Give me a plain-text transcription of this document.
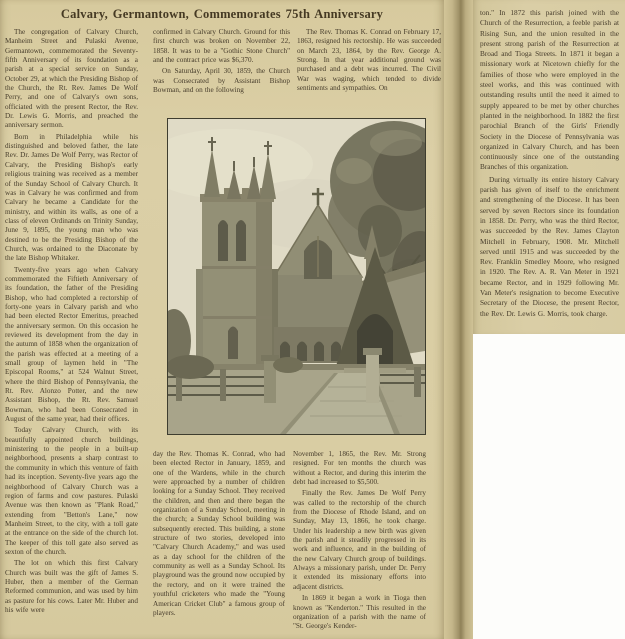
Calvary, Germantown, Commemorates 75th Anniversary

The congregation of Calvary Church, Manheim Street and Pulaski Avenue, Germantown, commemorated the Seventy-fifth Anniversary of its foundation as a parish at a special service on Sunday, October 29, at which the Presiding Bishop of the Church, the Rt. Rev. James De Wolf Perry, and one of Calvary's own sons, officiated with the present Rector, the Rev. Dr. Lewis G. Morris, and preached the anniversary sermon.

Born in Philadelphia while his distinguished and beloved father, the late Rev. Dr. James De Wolf Perry, was Rector of Calvary, the Presiding Bishop's early religious training was received as a member of the Sunday School of Calvary Church. It was in Calvary he was confirmed and from Calvary he became a Candidate for the ministry, and within its walls, as one of a class of eleven Ordinands on Trinity Sunday, June 9, 1895, the young man who was destined to be the Presiding Bishop of the Church, was ordained to the Diaconate by the late Bishop Whitaker.

Twenty-five years ago when Calvary commemorated the Fiftieth Anniversary of its foundation, the father of the Presiding Bishop, who had completed a rectorship of forty-one years in Calvary parish and who had been elected Rector Emeritus, preached the anniversary sermon. On this occasion he reviewed its development from the day in the autumn of 1858 when the organization of the parish was effected at a meeting of a small group of laymen held in "The Episcopal Rooms," at 524 Walnut Street, where the third Bishop of Pennsylvania, the Rt. Rev. Alonzo Potter, and the new Assistant Bishop, the Rt. Rev. Samuel Bowman, who had been Consecrated in August of the same year, had their offices.

Today Calvary Church, with its beautifully appointed church buildings, ministering to the people in a built-up neighborhood, presents a sharp contrast to the community in which this venture of faith had its inception. Seventy-five years ago the neighborhood of Calvary Church was a region of farms and cow pastures. Pulaski Avenue was then known as "Plank Road," extending from "Betton's Lane," now Manheim Street, to the city, with a toll gate at the entrance on the side of the church lot. The keeper of this toll gate also served as sexton of the church.

The lot on which this first Calvary Church was built was the gift of James S. Huber, then a member of the German Reformed communion, and was used by him as pasture for his cows. Later Mr. Huber and his wife were

confirmed in Calvary Church. Ground for this first church was broken on November 22, 1858. It was to be a "Gothic Stone Church" and the contract price was $6,370.

On Saturday, April 30, 1859, the Church was Consecrated by Assistant Bishop Bowman, and on the following

The Rev. Thomas K. Conrad on February 17, 1863, resigned his rectorship. He was succeeded on March 23, 1864, by the Rev. George A. Strong. In that year additional ground was purchased and a debt was incurred. The Civil War was waging, which tended to divide sentiments and sympathies. On

day the Rev. Thomas K. Conrad, who had been elected Rector in January, 1859, and one of the Wardens, while in the church were approached by a number of children looking for a Sunday School. They received the children, and then and there began the organization of a Sunday School, meeting in the church; a Sunday School building was subsequently erected. This building, a stone structure of two stories, developed into "Calvary Church Academy," and was used as a day school for the children of the community as well as a Sunday School. Its playground was the ground now occupied by the rectory, and on it were trained the youthful cricketers who made the "Young American Cricket Club" a famous group of players.

November 1, 1865, the Rev. Mr. Strong resigned. For ten months the church was without a Rector, and during this interim the debt had increased to $5,500.

Finally the Rev. James De Wolf Perry was called to the rectorship of the church from the Diocese of Rhode Island, and on Sunday, May 13, 1866, he took charge. Under his leadership a new birth was given the parish and it steadily progressed in its work and influence, and in the building of the new Calvary Church group of buildings. Always a missionary parish, under Dr. Perry it extended its missionary efforts into adjacent districts.

In 1869 it began a work in Tioga then known as "Kenderton." This resulted in the organization of a parish with the name of "St. George's Kender-

ton." In 1872 this parish joined with the Church of the Resurrection, a feeble parish at Rising Sun, and the union resulted in the present strong parish of the Resurrection at Broad and Tioga Streets. In 1871 it began a missionary work at Nicetown chiefly for the families of those who were employed in the steel works, and this was continued with outstanding results until the need it aimed to supply appeared to be met by other churches planted in the neighborhood. In 1882 the first parochial Branch of the Girls' Friendly Society in the Diocese of Pennsylvania was organized in Calvary Church, and has been continuously since one of the outstanding Branches of this organization.

During virtually its entire history Calvary parish has given of itself to the enrichment and strengthening of the Diocese. It has been served by seven Rectors since its foundation in 1858. Dr. Perry, who was the third Rector, was succeeded by the Rev. James Clayton Mitchell in February, 1908. Mr. Mitchell served until 1915 and was succeeded by the Rev. Franklin Smedley Moore, who resigned in 1920. The Rev. A. R. Van Meter in 1921 became Rector, and in 1929 following Mr. Van Meter's resignation to become Executive Secretary of the Diocese, the present Rector, the Rev. Dr. Lewis G. Morris, took charge.
